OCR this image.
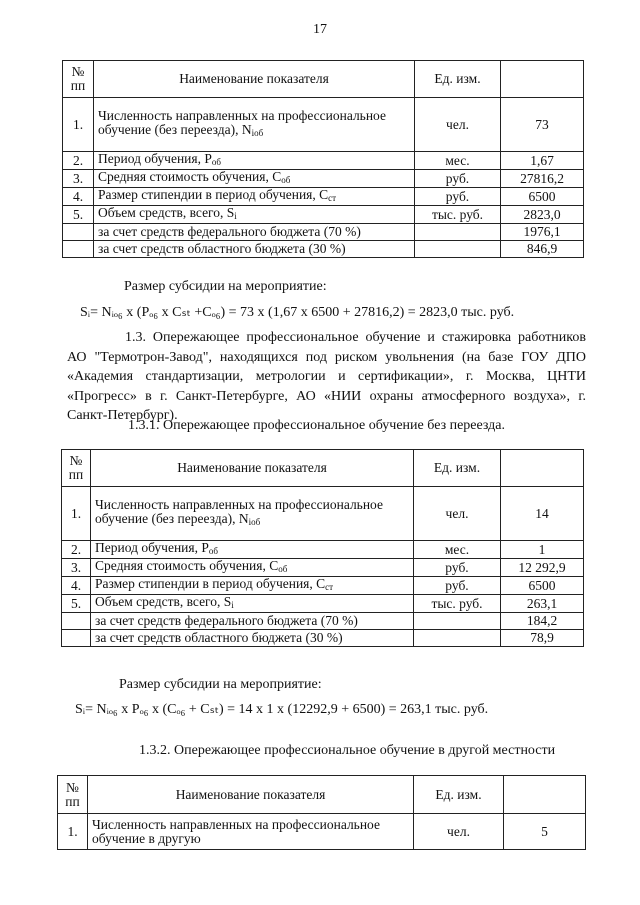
17
№ пп	Наименование показателя	Ед. изм.	
1.	Численность направленных на профессиональное обучение (без переезда), $N_{iоб}$	чел.	73
2.	Период обучения, $Р_{об}$	мес.	1,67
3.	Средняя стоимость обучения, $С_{об}$	руб.	27816,2
4.	Размер стипендии в период обучения, $С_{ст}$	руб.	6500
5.	Объем средств, всего, $S_i$	тыс. руб.	2823,0
	за счет средств федерального бюджета (70 %)		1976,1
	за счет средств областного бюджета (30 %)		846,9
Размер субсидии на мероприятие:
Sᵢ= Nᵢₒ₆ x (Pₒ₆ x Cₛₜ +Cₒ₆) = 73 x (1,67 x 6500 + 27816,2) = 2823,0 тыс. руб.
1.3. Опережающее профессиональное обучение и стажировка работников АО "Термотрон-Завод", находящихся под риском увольнения (на базе ГОУ ДПО «Академия стандартизации, метрологии и сертификации», г. Москва, ЦНТИ «Прогресс» в г. Санкт-Петербурге, АО «НИИ охраны атмосферного воздуха», г. Санкт-Петербург).
1.3.1. Опережающее профессиональное обучение без переезда.
№ пп	Наименование показателя	Ед. изм.	
1.	Численность направленных на профессиональное обучение (без переезда), $N_{iоб}$	чел.	14
2.	Период обучения, $Р_{об}$	мес.	1
3.	Средняя стоимость обучения, $С_{об}$	руб.	12 292,9
4.	Размер стипендии в период обучения, $С_{ст}$	руб.	6500
5.	Объем средств, всего, $S_i$	тыс. руб.	263,1
	за счет средств федерального бюджета (70 %)		184,2
	за счет средств областного бюджета (30 %)		78,9
Размер субсидии на мероприятие:
Sᵢ= Nᵢₒ₆ x Pₒ₆ x (Cₒ₆ + Cₛₜ) = 14 x 1 x (12292,9 + 6500) = 263,1 тыс. руб.
1.3.2. Опережающее профессиональное обучение в другой местности
№ пп	Наименование показателя	Ед. изм.	
1.	Численность направленных на профессиональное обучение в другую	чел.	5
